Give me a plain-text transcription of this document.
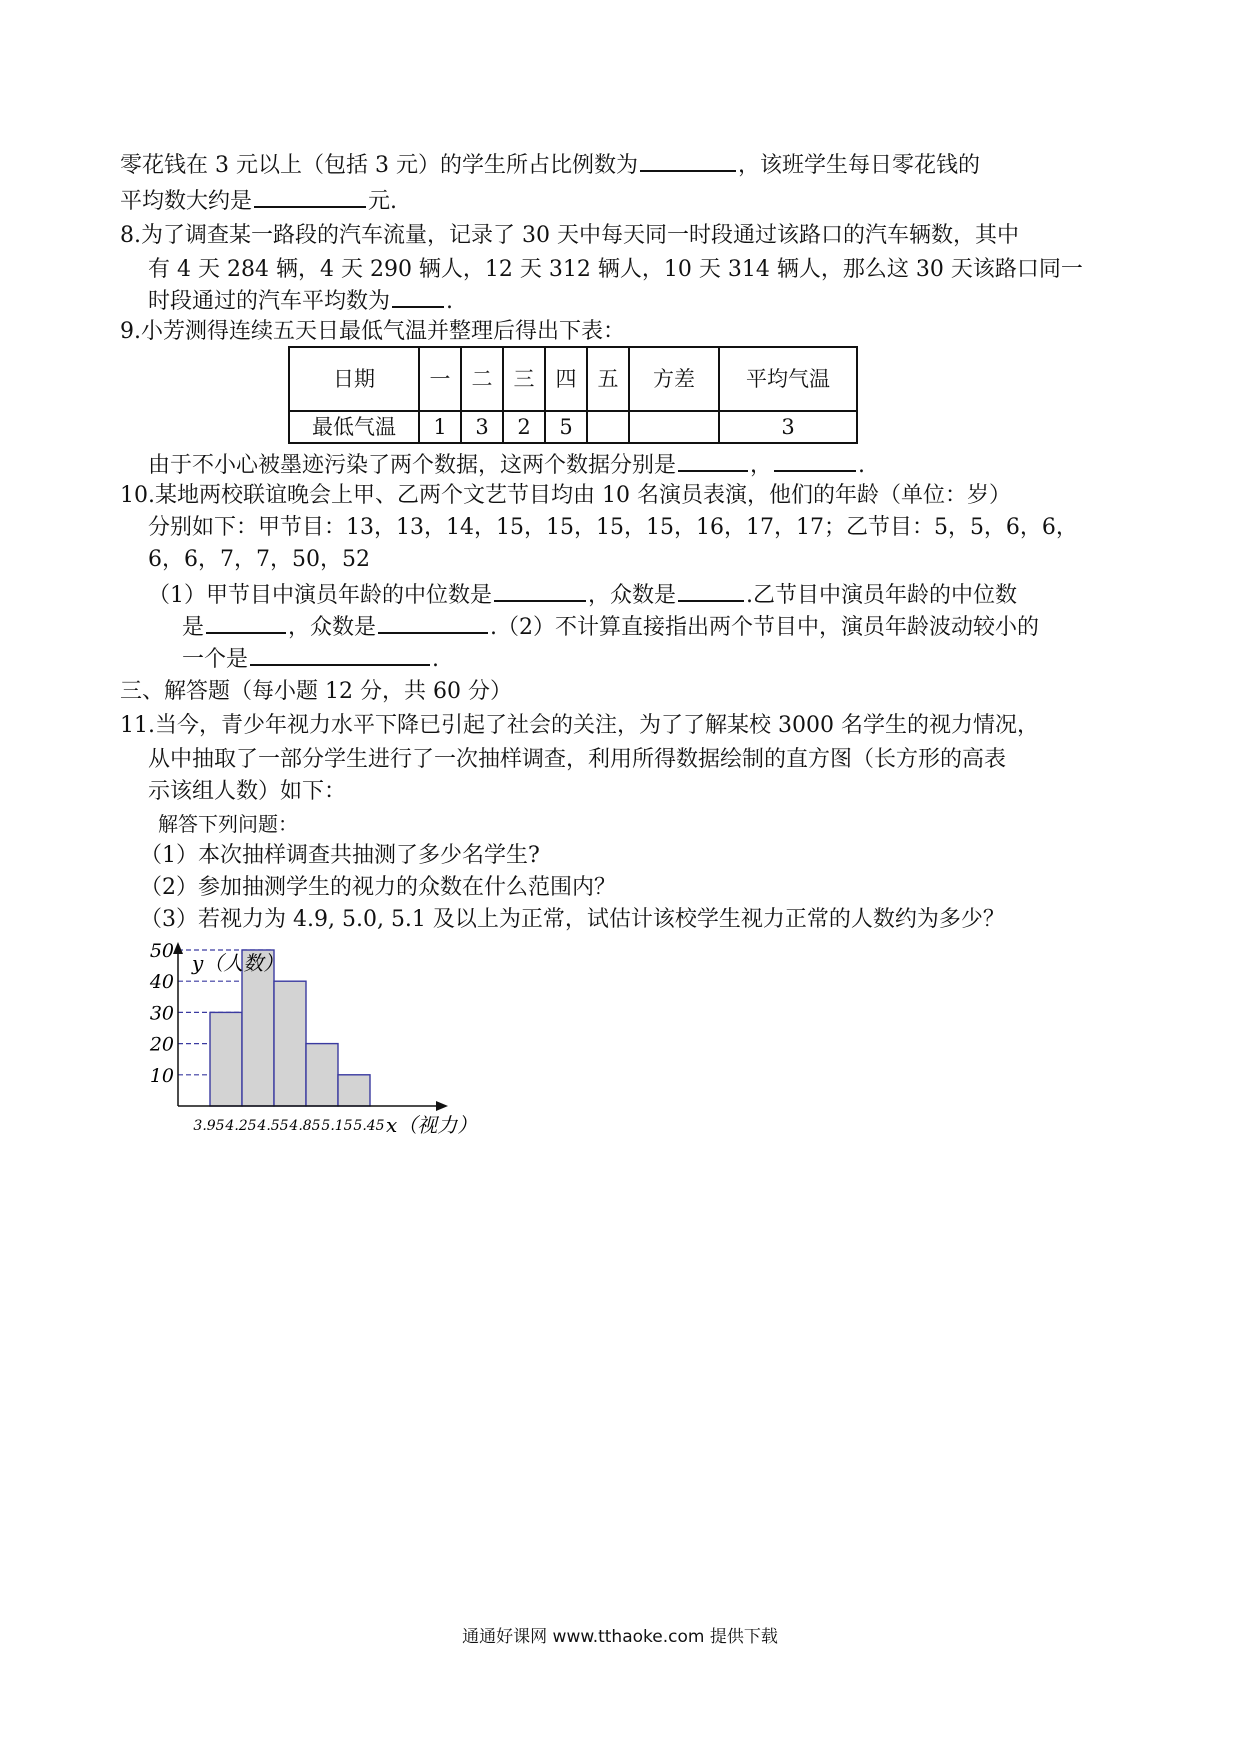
零花钱在 3 元以上（包括 3 元）的学生所占比例数为	，该班学生每日零花钱的
平均数大约是	元.
8.为了调查某一路段的汽车流量，记录了 30 天中每天同一时段通过该路口的汽车辆数，其中
有 4 天 284 辆，4 天 290 辆人，12 天 312 辆人，10 天 314 辆人，那么这 30 天该路口同一
时段通过的汽车平均数为	.
9.小芳测得连续五天日最低气温并整理后得出下表：
日期	一	二	三	四	五	方差	平均气温
最低气温	1	3	2	5			3
由于不小心被墨迹污染了两个数据，这两个数据分别是	，	.
10.某地两校联谊晚会上甲、乙两个文艺节目均由 10 名演员表演，他们的年龄（单位：岁）
分别如下：甲节目：13，13，14，15，15，15，15，16，17，17；乙节目：5，5，6，6，
6，6，7，7，50，52
（1）甲节目中演员年龄的中位数是	，众数是	.乙节目中演员年龄的中位数
是	，众数是	.（2）不计算直接指出两个节目中，演员年龄波动较小的
一个是	.
三、解答题（每小题 12 分，共 60 分）
11.当今，青少年视力水平下降已引起了社会的关注，为了了解某校 3000 名学生的视力情况，
从中抽取了一部分学生进行了一次抽样调查，利用所得数据绘制的直方图（长方形的高表
示该组人数）如下：
解答下列问题：
（1）本次抽样调查共抽测了多少名学生?
（2）参加抽测学生的视力的众数在什么范围内？
（3）若视力为 4.9, 5.0, 5.1 及以上为正常，试估计该校学生视力正常的人数约为多少？
10
20
30
40
50
3.95 4.25 4.55 4.85 5.15 5.45
y（人数）
x（视力）
通通好课网 www.tthaoke.com 提供下载
